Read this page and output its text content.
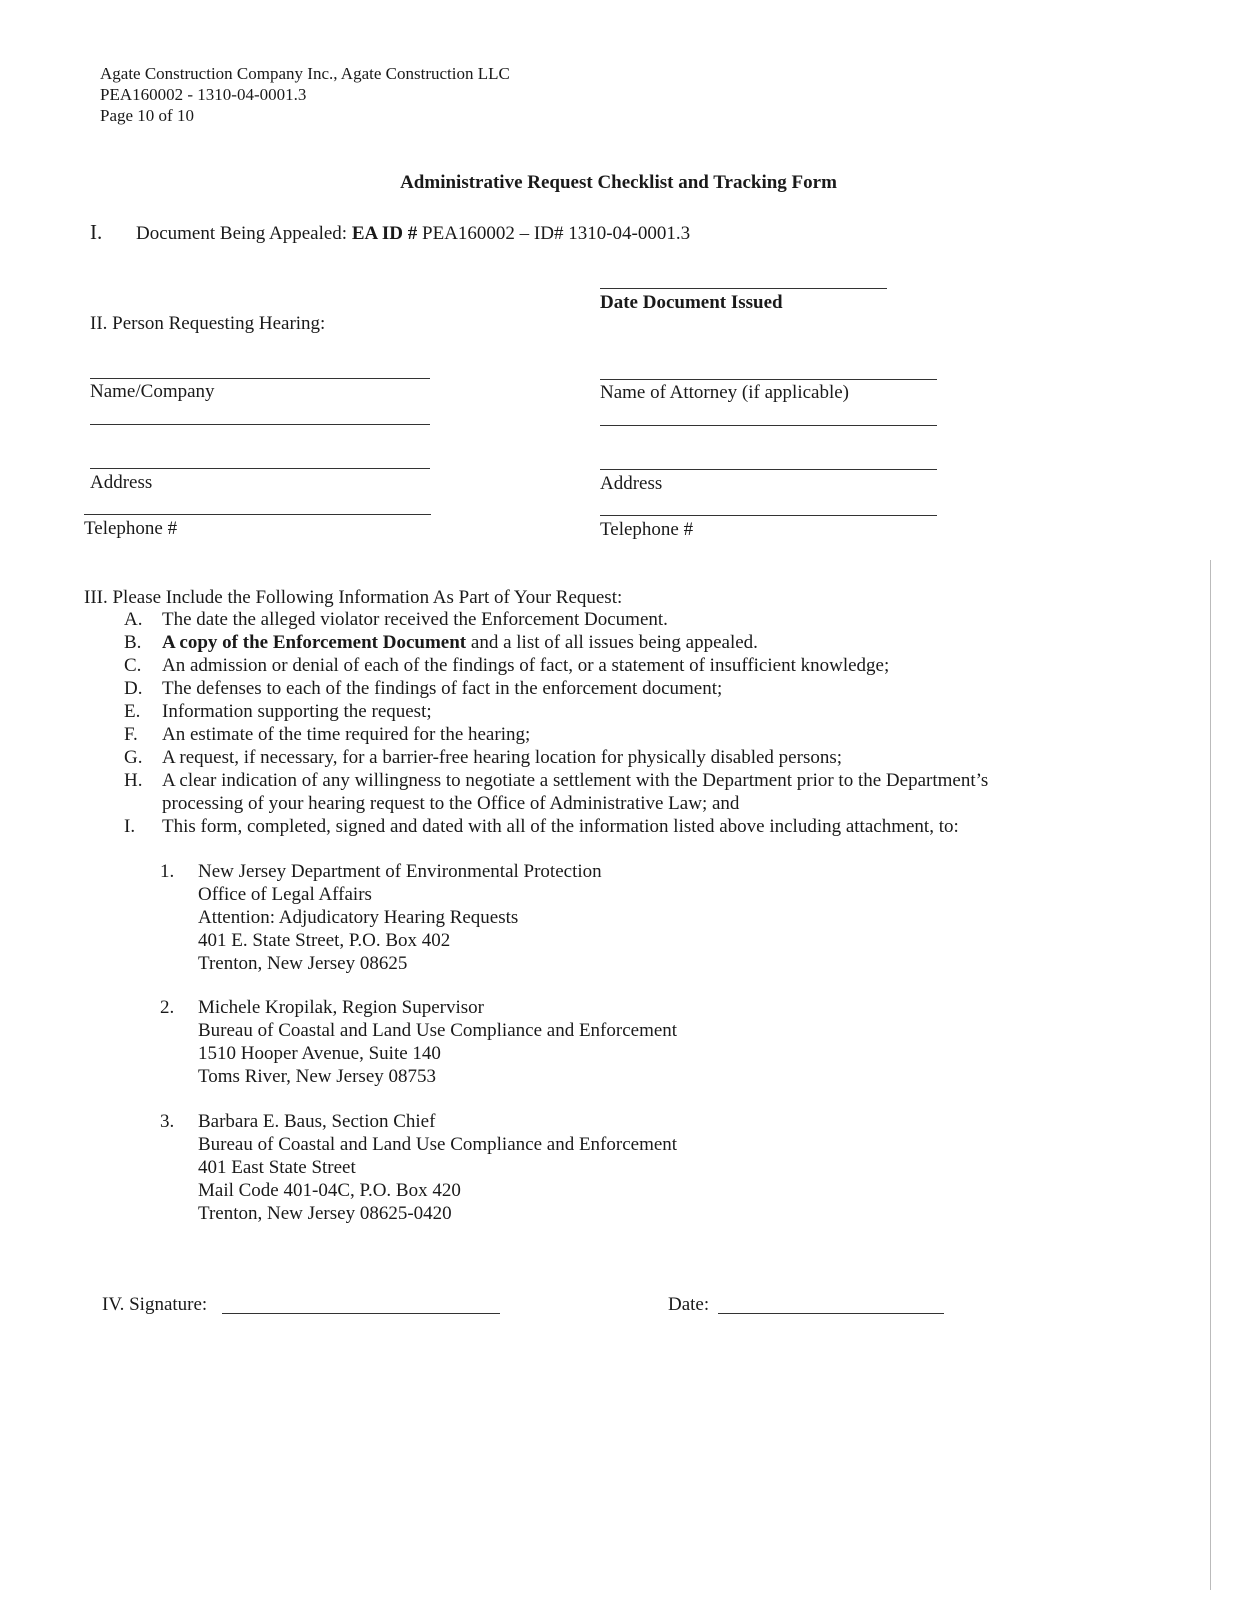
Agate Construction Company Inc., Agate Construction LLC
PEA160002 - 1310-04-0001.3
Page 10 of 10
Administrative Request Checklist and Tracking Form
I. Document Being Appealed: EA ID # PEA160002 – ID# 1310-04-0001.3
Date Document Issued
II. Person Requesting Hearing:
Name/Company	Name of Attorney (if applicable)
Address	Address
Telephone #	Telephone #
III. Please Include the Following Information As Part of Your Request:
A.	The date the alleged violator received the Enforcement Document.
B.	A copy of the Enforcement Document and a list of all issues being appealed.
C.	An admission or denial of each of the findings of fact, or a statement of insufficient knowledge;
D.	The defenses to each of the findings of fact in the enforcement document;
E.	Information supporting the request;
F.	An estimate of the time required for the hearing;
G.	A request, if necessary, for a barrier-free hearing location for physically disabled persons;
H.	A clear indication of any willingness to negotiate a settlement with the Department prior to the Department’s processing of your hearing request to the Office of Administrative Law; and
I.	This form, completed, signed and dated with all of the information listed above including attachment, to:
1. New Jersey Department of Environmental Protection
Office of Legal Affairs
Attention: Adjudicatory Hearing Requests
401 E. State Street, P.O. Box 402
Trenton, New Jersey 08625
2. Michele Kropilak, Region Supervisor
Bureau of Coastal and Land Use Compliance and Enforcement
1510 Hooper Avenue, Suite 140
Toms River, New Jersey 08753
3. Barbara E. Baus, Section Chief
Bureau of Coastal and Land Use Compliance and Enforcement
401 East State Street
Mail Code 401-04C, P.O. Box 420
Trenton, New Jersey 08625-0420
IV. Signature:	Date:
